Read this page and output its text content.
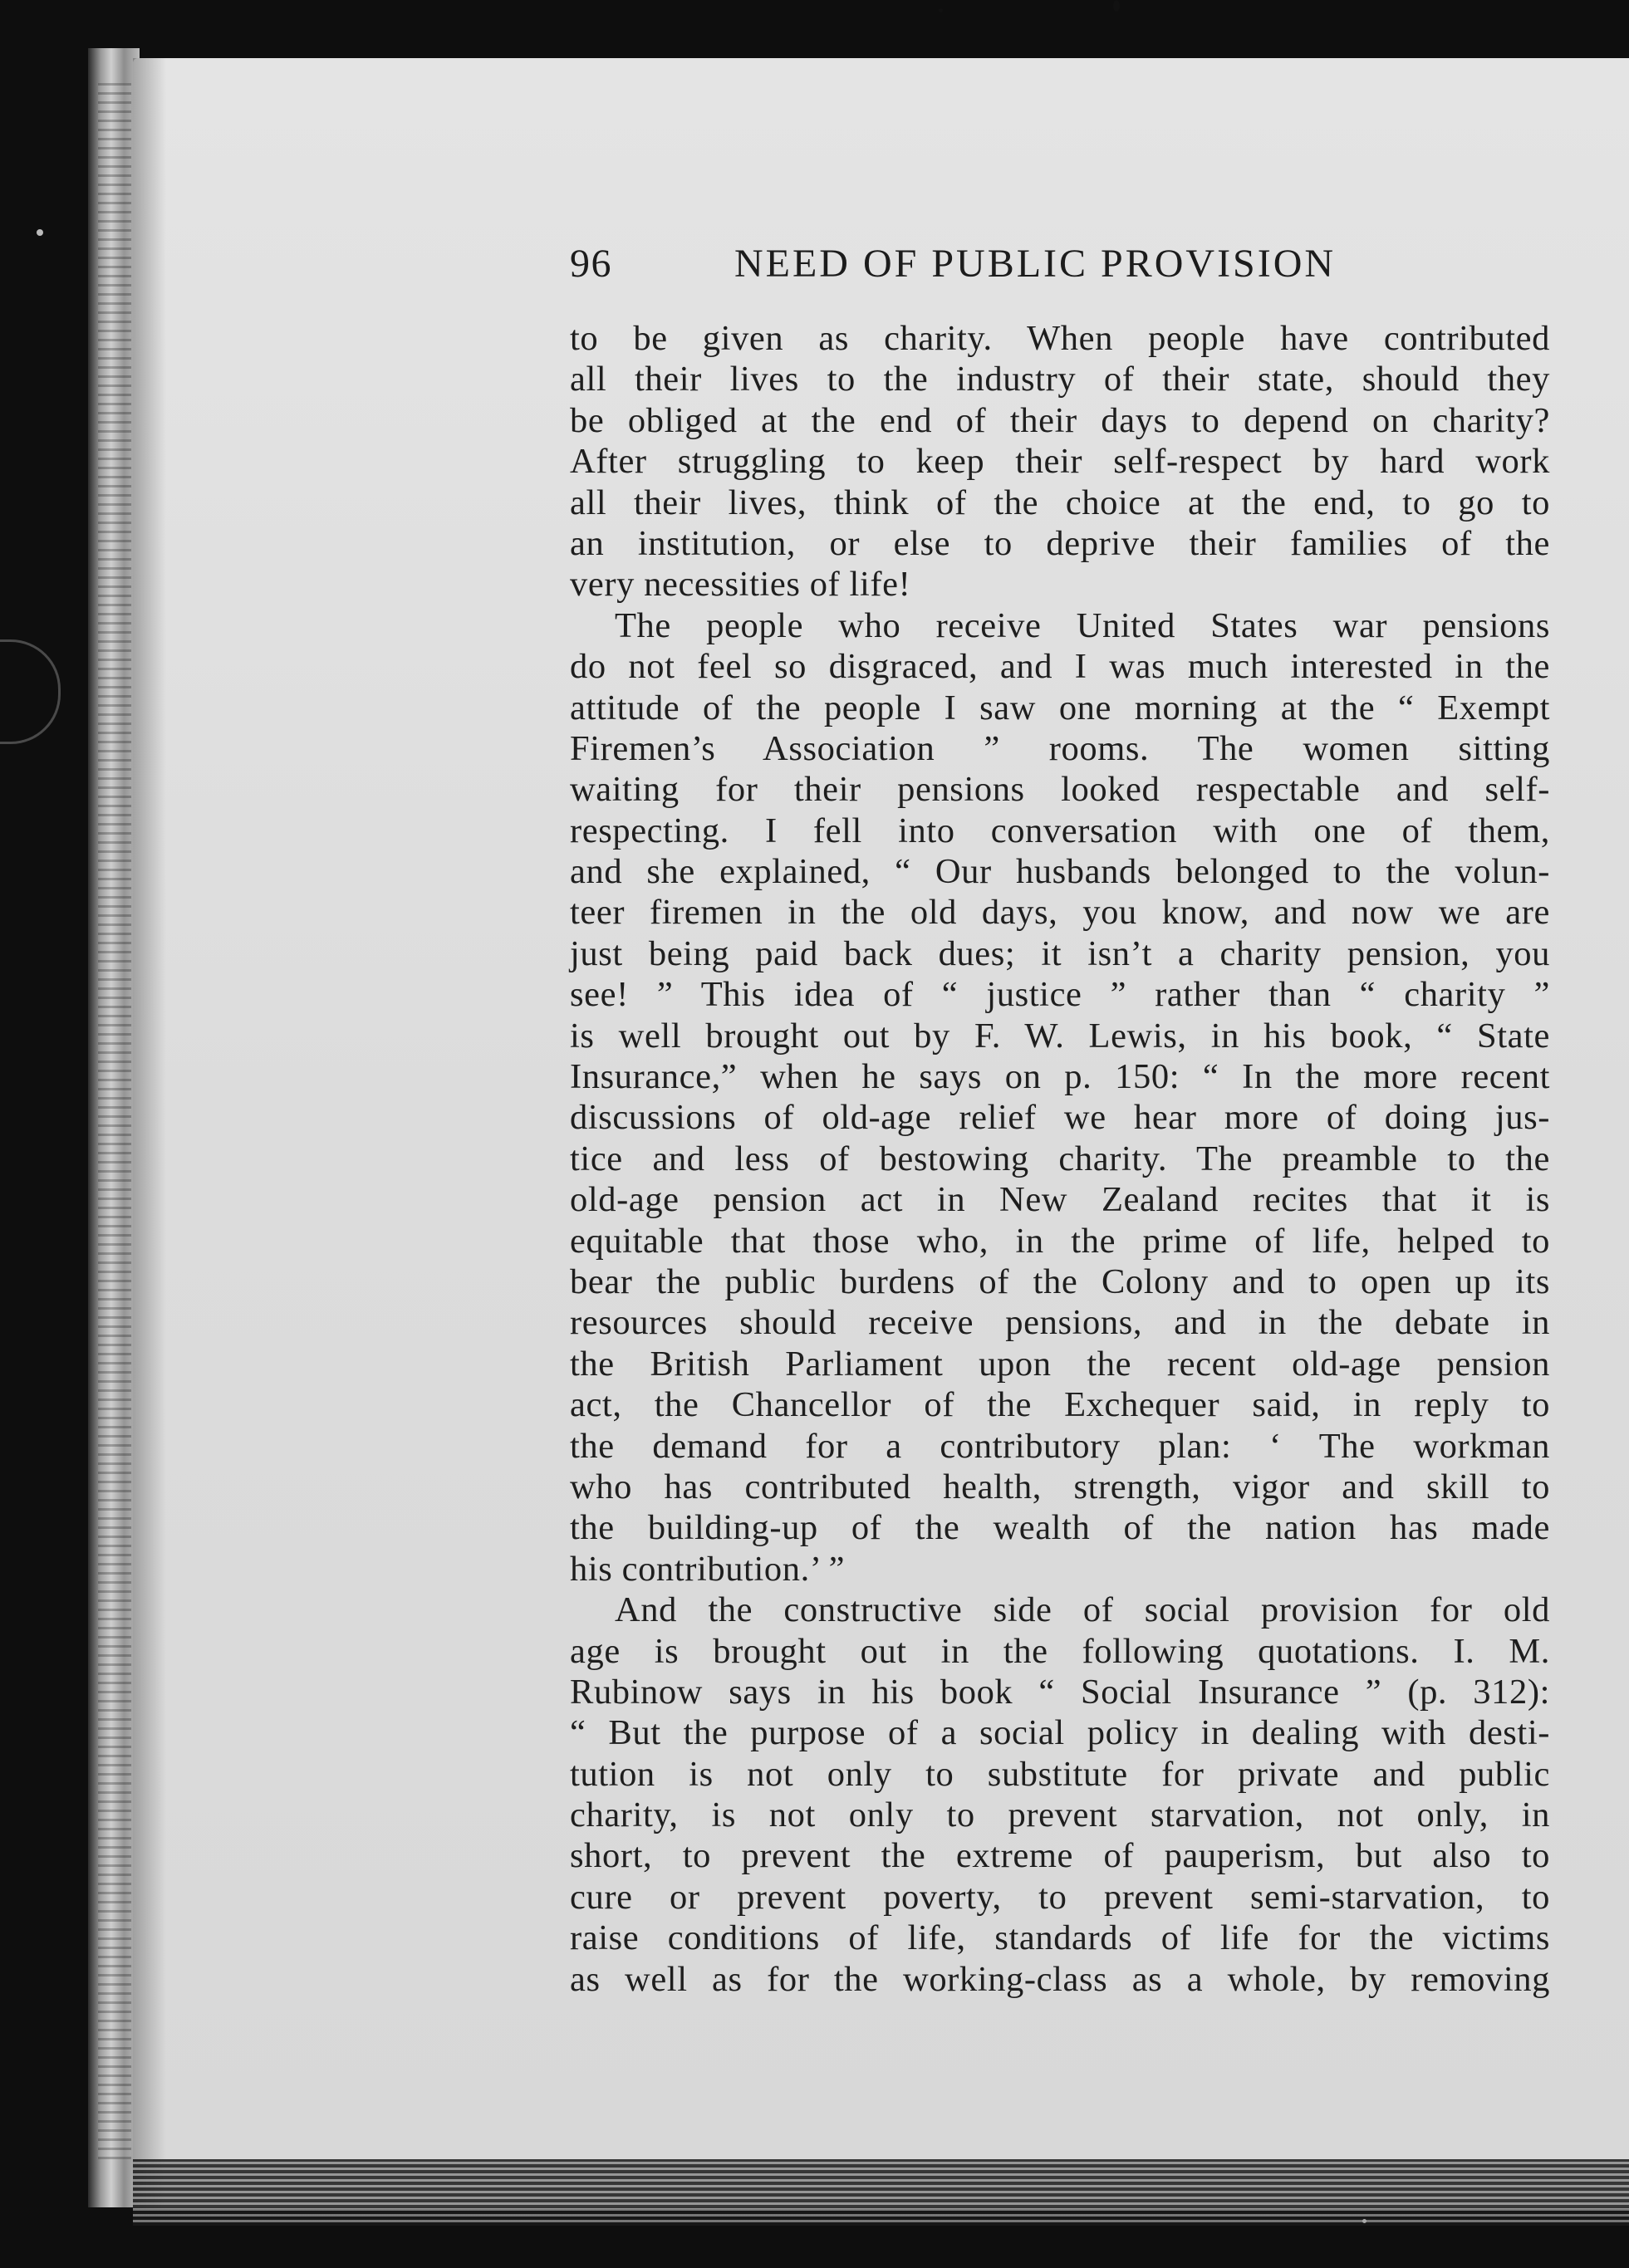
96	NEED OF PUBLIC PROVISION
to be given as charity. When people have contributed
all their lives to the industry of their state, should they
be obliged at the end of their days to depend on charity?
After struggling to keep their self-respect by hard work
all their lives, think of the choice at the end, to go to
an institution, or else to deprive their families of the
very necessities of life!
The people who receive United States war pensions
do not feel so disgraced, and I was much interested in the
attitude of the people I saw one morning at the “ Exempt
Firemen’s Association ” rooms. The women sitting
waiting for their pensions looked respectable and self-
respecting. I fell into conversation with one of them,
and she explained, “ Our husbands belonged to the volun-
teer firemen in the old days, you know, and now we are
just being paid back dues; it isn’t a charity pension, you
see! ” This idea of “ justice ” rather than “ charity ”
is well brought out by F. W. Lewis, in his book, “ State
Insurance,” when he says on p. 150: “ In the more recent
discussions of old-age relief we hear more of doing jus-
tice and less of bestowing charity. The preamble to the
old-age pension act in New Zealand recites that it is
equitable that those who, in the prime of life, helped to
bear the public burdens of the Colony and to open up its
resources should receive pensions, and in the debate in
the British Parliament upon the recent old-age pension
act, the Chancellor of the Exchequer said, in reply to
the demand for a contributory plan: ‘ The workman
who has contributed health, strength, vigor and skill to
the building-up of the wealth of the nation has made
his contribution.’ ”
And the constructive side of social provision for old
age is brought out in the following quotations. I. M.
Rubinow says in his book “ Social Insurance ” (p. 312):
“ But the purpose of a social policy in dealing with desti-
tution is not only to substitute for private and public
charity, is not only to prevent starvation, not only, in
short, to prevent the extreme of pauperism, but also to
cure or prevent poverty, to prevent semi-starvation, to
raise conditions of life, standards of life for the victims
as well as for the working-class as a whole, by removing
